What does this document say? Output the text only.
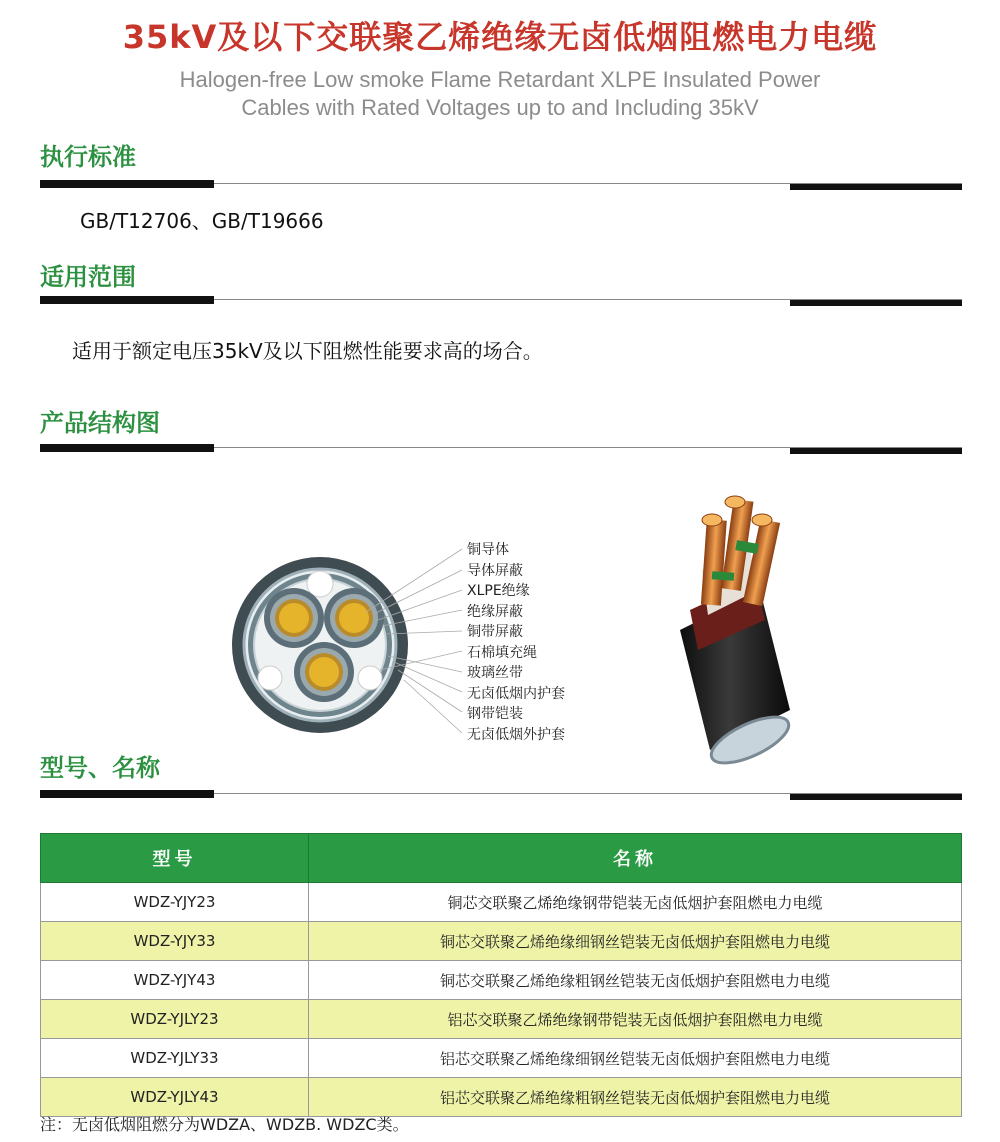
35kV及以下交联聚乙烯绝缘无卤低烟阻燃电力电缆
Halogen-free Low smoke Flame Retardant XLPE Insulated Power
Cables with Rated Voltages up to and Including 35kV
执行标准
GB/T12706、GB/T19666
适用范围
适用于额定电压35kV及以下阻燃性能要求高的场合。
产品结构图
铜导体
导体屏蔽
XLPE绝缘
绝缘屏蔽
铜带屏蔽
石棉填充绳
玻璃丝带
无卤低烟内护套
钢带铠装
无卤低烟外护套
型号、名称
型号	名称
WDZ-YJY23	铜芯交联聚乙烯绝缘钢带铠装无卤低烟护套阻燃电力电缆
WDZ-YJY33	铜芯交联聚乙烯绝缘细钢丝铠装无卤低烟护套阻燃电力电缆
WDZ-YJY43	铜芯交联聚乙烯绝缘粗钢丝铠装无卤低烟护套阻燃电力电缆
WDZ-YJLY23	铝芯交联聚乙烯绝缘钢带铠装无卤低烟护套阻燃电力电缆
WDZ-YJLY33	铝芯交联聚乙烯绝缘细钢丝铠装无卤低烟护套阻燃电力电缆
WDZ-YJLY43	铝芯交联聚乙烯绝缘粗钢丝铠装无卤低烟护套阻燃电力电缆
注：无卤低烟阻燃分为WDZA、WDZB. WDZC类。
